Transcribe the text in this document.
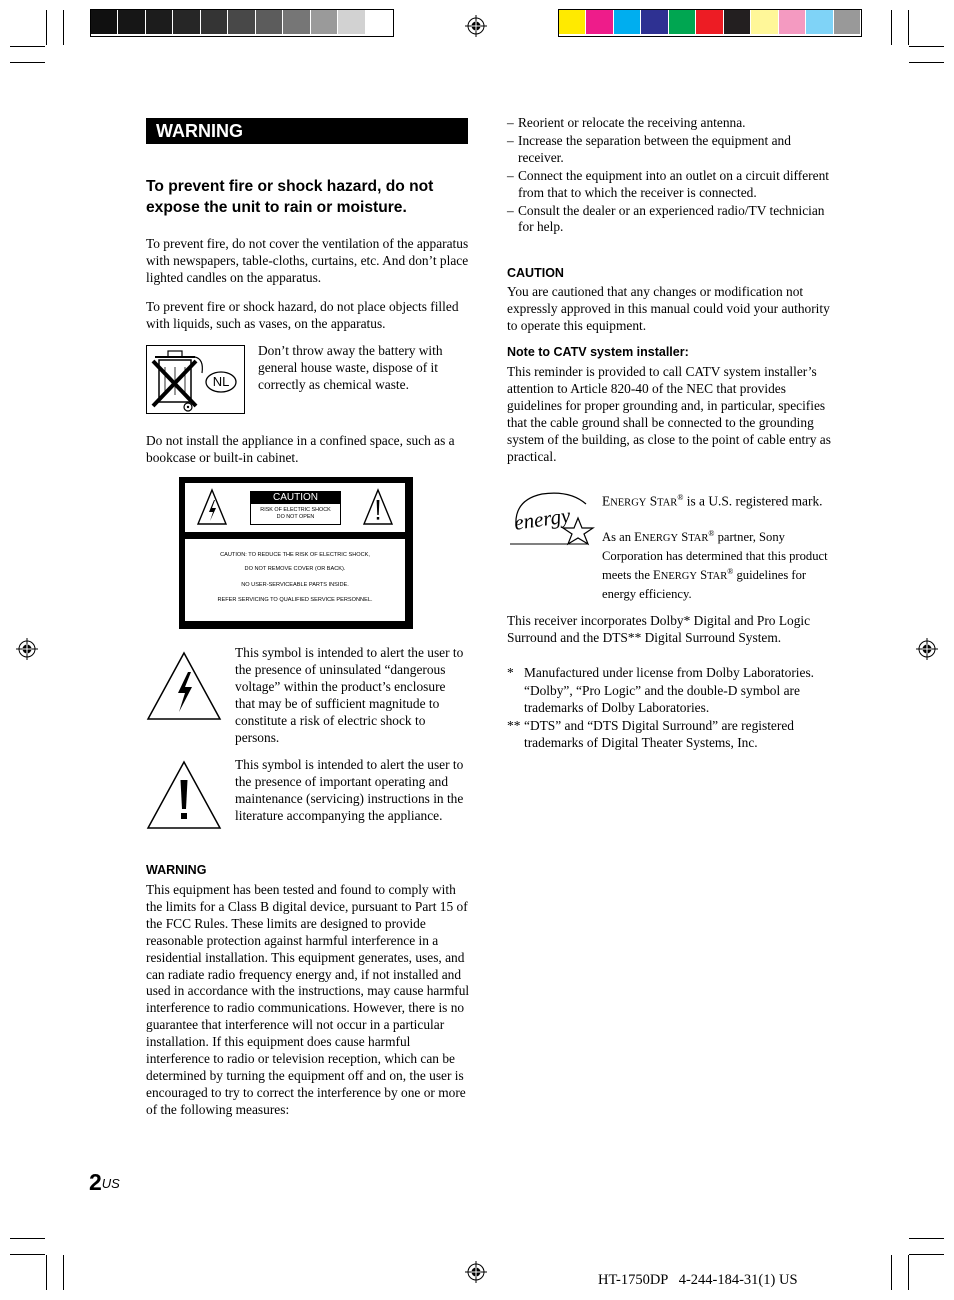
WARNING

To prevent fire or shock hazard, do not expose the unit to rain or moisture.

To prevent fire, do not cover the ventilation of the apparatus with newspapers, table-cloths, curtains, etc. And don’t place lighted candles on the apparatus.

To prevent fire or shock hazard, do not place objects filled with liquids, such as vases, on the apparatus.

NL

Don’t throw away the battery with general house waste, dispose of it correctly as chemical waste.

Do not install the appliance in a confined space, such as a bookcase or built-in cabinet.

CAUTION
RISK OF ELECTRIC SHOCK
DO NOT OPEN
CAUTION: TO REDUCE THE RISK OF ELECTRIC SHOCK,
DO NOT REMOVE COVER (OR BACK).
NO USER-SERVICEABLE PARTS INSIDE.
REFER SERVICING TO QUALIFIED SERVICE PERSONNEL.

This symbol is intended to alert the user to the presence of uninsulated “dangerous voltage” within the product’s enclosure that may be of sufficient magnitude to constitute a risk of electric shock to persons.

This symbol is intended to alert the user to the presence of important operating and maintenance (servicing) instructions in the literature accompanying the appliance.

WARNING

This equipment has been tested and found to comply with the limits for a Class B digital device, pursuant to Part 15 of the FCC Rules. These limits are designed to provide reasonable protection against harmful interference in a residential installation. This equipment generates, uses, and can radiate radio frequency energy and, if not installed and used in accordance with the instructions, may cause harmful interference to radio communications. However, there is no guarantee that interference will not occur in a particular installation. If this equipment does cause harmful interference to radio or television reception, which can be determined by turning the equipment off and on, the user is encouraged to try to correct the interference by one or more of the following measures:

$2^{US}$
– Reorient or relocate the receiving antenna.
– Increase the separation between the equipment and receiver.
– Connect the equipment into an outlet on a circuit different from that to which the receiver is connected.
– Consult the dealer or an experienced radio/TV technician for help.
CAUTION

You are cautioned that any changes or modification not expressly approved in this manual could void your authority to operate this equipment.

Note to CATV system installer:

This reminder is provided to call CATV system installer’s attention to Article 820-40 of the NEC that provides guidelines for proper grounding and, in particular, specifies that the cable ground shall be connected to the grounding system of the building, as close to the point of cable entry as practical.

energy

ENERGY STAR® is a U.S. registered mark.

As an ENERGY STAR® partner, Sony Corporation has determined that this product meets the ENERGY STAR® guidelines for energy efficiency.

This receiver incorporates Dolby* Digital and Pro Logic Surround and the DTS** Digital Surround System.

* Manufactured under license from Dolby Laboratories.
“Dolby”, “Pro Logic” and the double-D symbol are trademarks of Dolby Laboratories.
** “DTS” and “DTS Digital Surround” are registered trademarks of Digital Theater Systems, Inc.
HT-1750DP   4-244-184-31(1) US
